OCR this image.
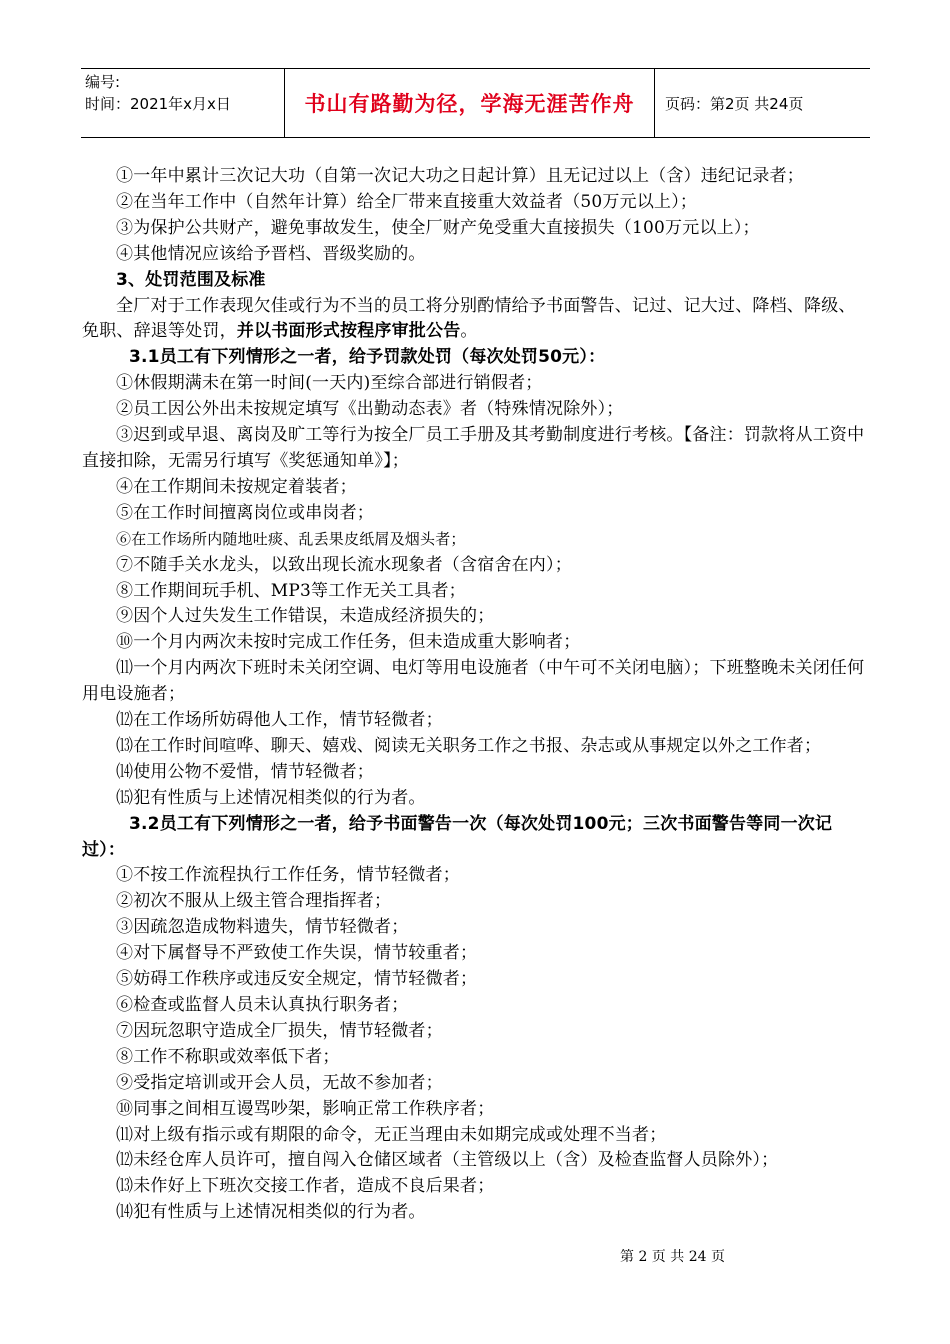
编号:
时间：2021年x月x日	书山有路勤为径，学海无涯苦作舟	页码：第2页 共24页

①一年中累计三次记大功（自第一次记大功之日起计算）且无记过以上（含）违纪记录者；

②在当年工作中（自然年计算）给全厂带来直接重大效益者（50万元以上）；

③为保护公共财产，避免事故发生，使全厂财产免受重大直接损失（100万元以上）；

④其他情况应该给予晋档、晋级奖励的。

3、处罚范围及标准

全厂对于工作表现欠佳或行为不当的员工将分别酌情给予书面警告、记过、记大过、降档、降级、免职、辞退等处罚，并以书面形式按程序审批公告。

3.1员工有下列情形之一者，给予罚款处罚（每次处罚50元）：

①休假期满未在第一时间(一天内)至综合部进行销假者；

②员工因公外出未按规定填写《出勤动态表》者（特殊情况除外）；

③迟到或早退、离岗及旷工等行为按全厂员工手册及其考勤制度进行考核。【备注：罚款将从工资中直接扣除，无需另行填写《奖惩通知单》】；

④在工作期间未按规定着装者；

⑤在工作时间擅离岗位或串岗者；

⑥在工作场所内随地吐痰、乱丢果皮纸屑及烟头者；

⑦不随手关水龙头，以致出现长流水现象者（含宿舍在内）；

⑧工作期间玩手机、MP3等工作无关工具者；

⑨因个人过失发生工作错误，未造成经济损失的；

⑩一个月内两次未按时完成工作任务，但未造成重大影响者；

⑾一个月内两次下班时未关闭空调、电灯等用电设施者（中午可不关闭电脑）；下班整晚未关闭任何用电设施者；

⑿在工作场所妨碍他人工作，情节轻微者；

⒀在工作时间喧哗、聊天、嬉戏、阅读无关职务工作之书报、杂志或从事规定以外之工作者；

⒁使用公物不爱惜，情节轻微者；

⒂犯有性质与上述情况相类似的行为者。

3.2员工有下列情形之一者，给予书面警告一次（每次处罚100元；三次书面警告等同一次记过）：

①不按工作流程执行工作任务，情节轻微者；

②初次不服从上级主管合理指挥者；

③因疏忽造成物料遗失，情节轻微者；

④对下属督导不严致使工作失误，情节较重者；

⑤妨碍工作秩序或违反安全规定，情节轻微者；

⑥检查或监督人员未认真执行职务者；

⑦因玩忽职守造成全厂损失，情节轻微者；

⑧工作不称职或效率低下者；

⑨受指定培训或开会人员，无故不参加者；

⑩同事之间相互谩骂吵架，影响正常工作秩序者；

⑾对上级有指示或有期限的命令，无正当理由未如期完成或处理不当者；

⑿未经仓库人员许可，擅自闯入仓储区域者（主管级以上（含）及检查监督人员除外）；

⒀未作好上下班次交接工作者，造成不良后果者；

⒁犯有性质与上述情况相类似的行为者。

第 2 页 共 24 页
